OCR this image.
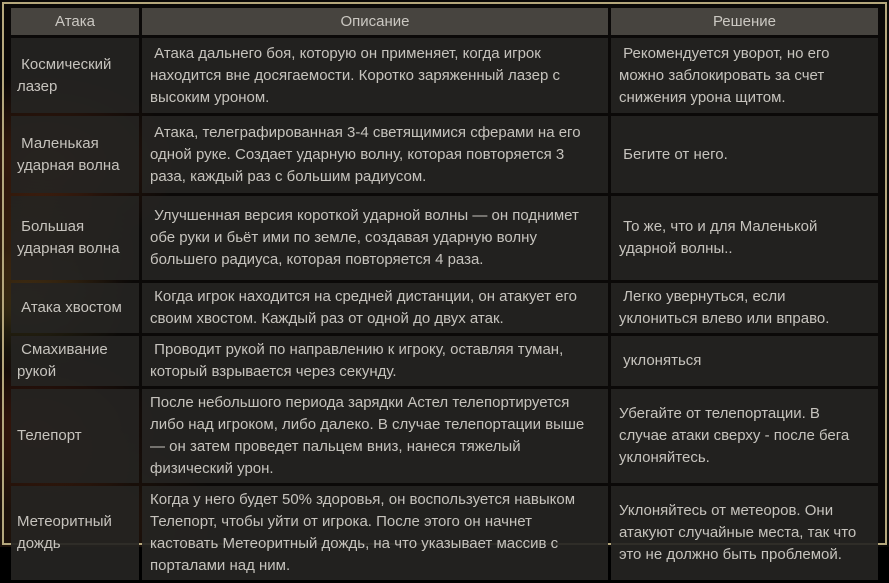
Атака	Описание	Решение
Космический лазер	Атака дальнего боя, которую он применяет, когда игрок находится вне досягаемости. Коротко заряженный лазер с высоким уроном.	Рекомендуется уворот, но его можно заблокировать за счет снижения урона щитом.
Маленькая ударная волна	Атака, телеграфированная 3-4 светящимися сферами на его одной руке. Создает ударную волну, которая повторяется 3 раза, каждый раз с большим радиусом.	Бегите от него.
Большая ударная волна	Улучшенная версия короткой ударной волны — он поднимет обе руки и бьёт ими по земле, создавая ударную волну большего радиуса, которая повторяется 4 раза.	То же, что и для Маленькой ударной волны..
Атака хвостом	Когда игрок находится на средней дистанции, он атакует его своим хвостом. Каждый раз от одной до двух атак.	Легко увернуться, если уклониться влево или вправо.
Смахивание рукой	Проводит рукой по направлению к игроку, оставляя туман, который взрывается через секунду.	уклоняться
Телепорт	После небольшого периода зарядки Астел телепортируется либо над игроком, либо далеко. В случае телепортации выше — он затем проведет пальцем вниз, нанеся тяжелый физический урон.	Убегайте от телепортации. В случае атаки сверху - после бега уклоняйтесь.
Метеоритный дождь	Когда у него будет 50% здоровья, он воспользуется навыком Телепорт, чтобы уйти от игрока. После этого он начнет кастовать Метеоритный дождь, на что указывает массив с порталами над ним.	Уклоняйтесь от метеоров. Они атакуют случайные места, так что это не должно быть проблемой.
